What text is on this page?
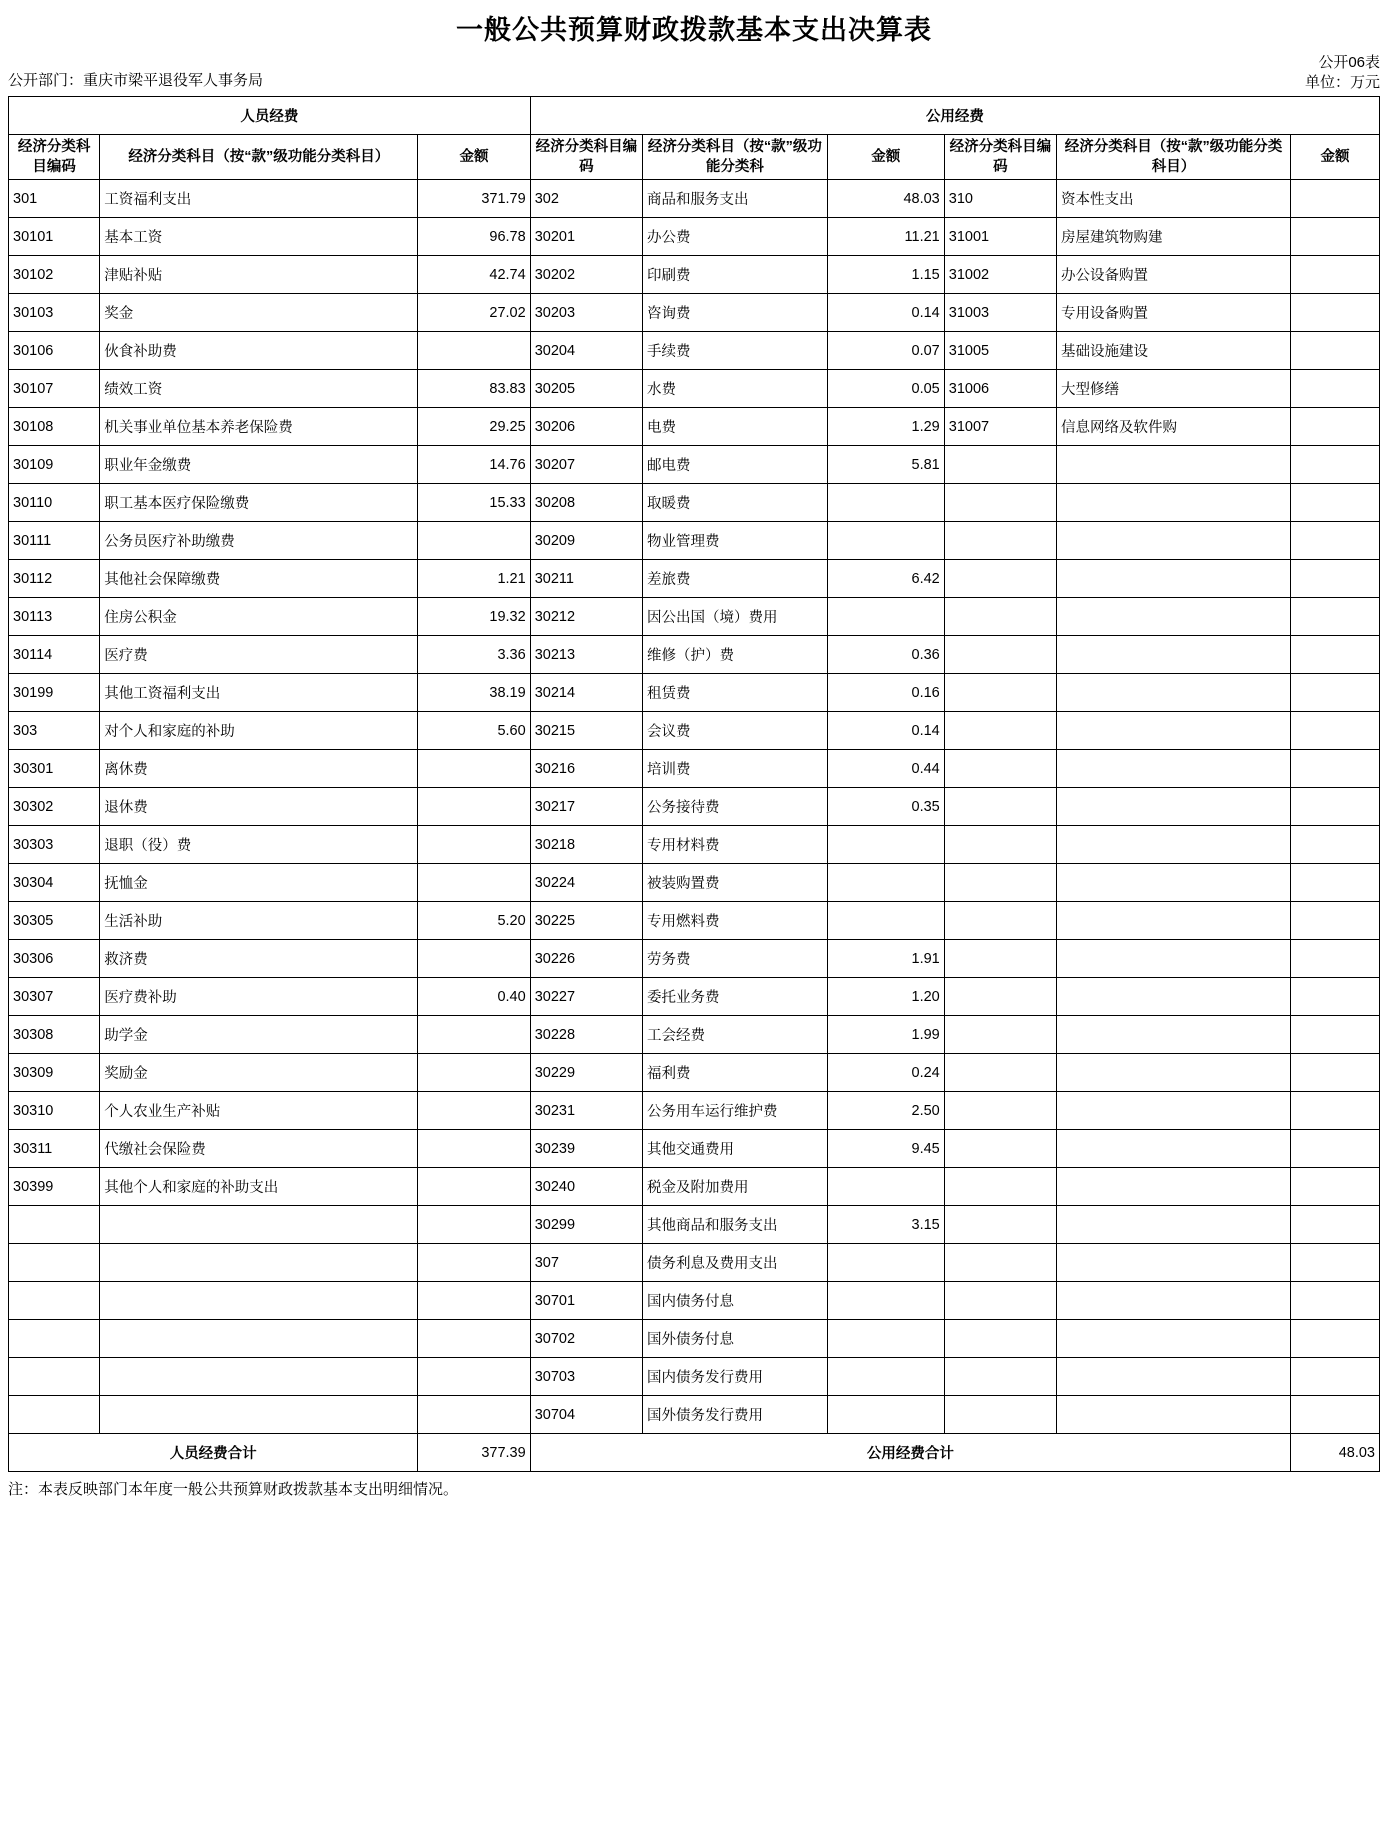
一般公共预算财政拨款基本支出决算表
公开部门：重庆市梁平退役军人事务局
公开06表
单位：万元
人员经费			公用经费					
经济分类科目编码	经济分类科目（按“款”级功能分类科目）	金额	经济分类科目编码	经济分类科目（按“款”级功能分类科	金额	经济分类科目编码	经济分类科目（按“款”级功能分类科目）	金额
301	工资福利支出	371.79	302	商品和服务支出	48.03	310	资本性支出	
30101	基本工资	96.78	30201	办公费	11.21	31001	房屋建筑物购建	
30102	津贴补贴	42.74	30202	印刷费	1.15	31002	办公设备购置	
30103	奖金	27.02	30203	咨询费	0.14	31003	专用设备购置	
30106	伙食补助费		30204	手续费	0.07	31005	基础设施建设	
30107	绩效工资	83.83	30205	水费	0.05	31006	大型修缮	
30108	机关事业单位基本养老保险费	29.25	30206	电费	1.29	31007	信息网络及软件购	
30109	职业年金缴费	14.76	30207	邮电费	5.81			
30110	职工基本医疗保险缴费	15.33	30208	取暖费				
30111	公务员医疗补助缴费		30209	物业管理费				
30112	其他社会保障缴费	1.21	30211	差旅费	6.42			
30113	住房公积金	19.32	30212	因公出国（境）费用				
30114	医疗费	3.36	30213	维修（护）费	0.36			
30199	其他工资福利支出	38.19	30214	租赁费	0.16			
303	对个人和家庭的补助	5.60	30215	会议费	0.14			
30301	离休费		30216	培训费	0.44			
30302	退休费		30217	公务接待费	0.35			
30303	退职（役）费		30218	专用材料费				
30304	抚恤金		30224	被装购置费				
30305	生活补助	5.20	30225	专用燃料费				
30306	救济费		30226	劳务费	1.91			
30307	医疗费补助	0.40	30227	委托业务费	1.20			
30308	助学金		30228	工会经费	1.99			
30309	奖励金		30229	福利费	0.24			
30310	个人农业生产补贴		30231	公务用车运行维护费	2.50			
30311	代缴社会保险费		30239	其他交通费用	9.45			
30399	其他个人和家庭的补助支出		30240	税金及附加费用				
			30299	其他商品和服务支出	3.15			
			307	债务利息及费用支出				
			30701	国内债务付息				
			30702	国外债务付息				
			30703	国内债务发行费用				
			30704	国外债务发行费用				
人员经费合计		377.39	公用经费合计					48.03
注：本表反映部门本年度一般公共预算财政拨款基本支出明细情况。
